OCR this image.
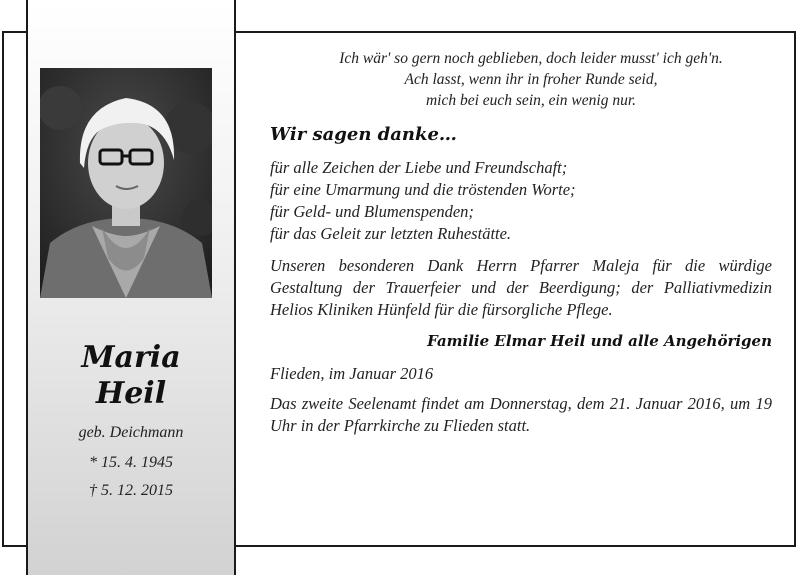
Maria
Heil
geb. Deichmann
* 15. 4. 1945
† 5. 12. 2015
Ich wär' so gern noch geblieben, doch leider musst' ich geh'n.
Ach lasst, wenn ihr in froher Runde seid,
mich bei euch sein, ein wenig nur.
Wir sagen danke…
für alle Zeichen der Liebe und Freundschaft;
für eine Umarmung und die tröstenden Worte;
für Geld- und Blumenspenden;
für das Geleit zur letzten Ruhestätte.
Unseren besonderen Dank Herrn Pfarrer Maleja für die würdige Gestaltung der Trauerfeier und der Beerdigung; der Palliativmedizin Helios Kliniken Hünfeld für die fürsorgliche Pflege.
Familie Elmar Heil und alle Angehörigen
Flieden, im Januar 2016
Das zweite Seelenamt findet am Donnerstag, dem 21. Januar 2016, um 19 Uhr in der Pfarrkirche zu Flieden statt.
